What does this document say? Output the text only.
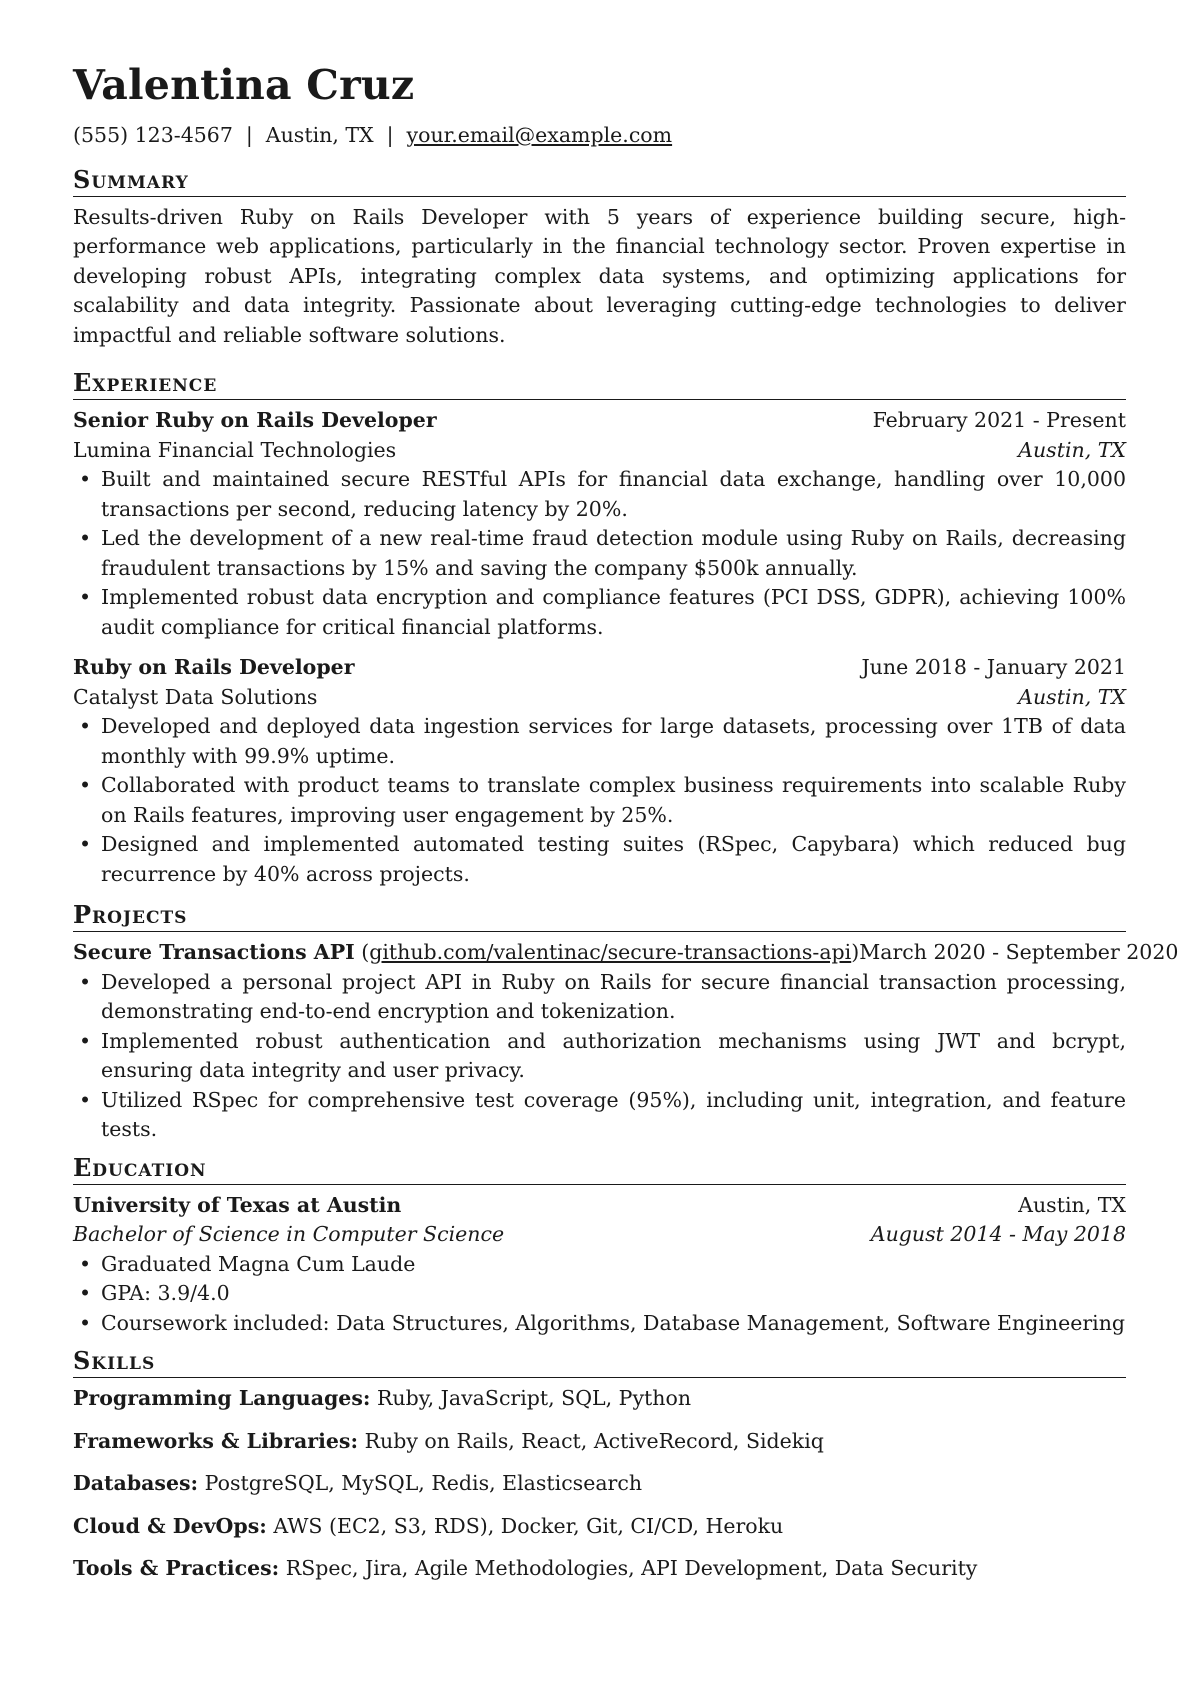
Valentina Cruz
(555) 123-4567 | Austin, TX | your.email@example.com
Summary
Results-driven Ruby on Rails Developer with 5 years of experience building secure, high-performance web applications, particularly in the financial technology sector. Proven expertise in developing robust APIs, integrating complex data systems, and optimizing applications for scalability and data integrity. Passionate about leveraging cutting-edge technologies to deliver impactful and reliable software solutions.
Experience
Senior Ruby on Rails Developer	February 2021 - Present
Lumina Financial Technologies	Austin, TX
• Built and maintained secure RESTful APIs for financial data exchange, handling over 10,000 transactions per second, reducing latency by 20%.
• Led the development of a new real-time fraud detection module using Ruby on Rails, decreasing fraudulent transactions by 15% and saving the company $500k annually.
• Implemented robust data encryption and compliance features (PCI DSS, GDPR), achieving 100% audit compliance for critical financial platforms.
Ruby on Rails Developer	June 2018 - January 2021
Catalyst Data Solutions	Austin, TX
• Developed and deployed data ingestion services for large datasets, processing over 1TB of data monthly with 99.9% uptime.
• Collaborated with product teams to translate complex business requirements into scalable Ruby on Rails features, improving user engagement by 25%.
• Designed and implemented automated testing suites (RSpec, Capybara) which reduced bug recurrence by 40% across projects.
Projects
Secure Transactions API (github.com/valentinac/secure-transactions-api) March 2020 - September 2020
• Developed a personal project API in Ruby on Rails for secure financial transaction processing, demonstrating end-to-end encryption and tokenization.
• Implemented robust authentication and authorization mechanisms using JWT and bcrypt, ensuring data integrity and user privacy.
• Utilized RSpec for comprehensive test coverage (95%), including unit, integration, and feature tests.
Education
University of Texas at Austin	Austin, TX
Bachelor of Science in Computer Science	August 2014 - May 2018
• Graduated Magna Cum Laude
• GPA: 3.9/4.0
• Coursework included: Data Structures, Algorithms, Database Management, Software Engineering
Skills
Programming Languages: Ruby, JavaScript, SQL, Python
Frameworks & Libraries: Ruby on Rails, React, ActiveRecord, Sidekiq
Databases: PostgreSQL, MySQL, Redis, Elasticsearch
Cloud & DevOps: AWS (EC2, S3, RDS), Docker, Git, CI/CD, Heroku
Tools & Practices: RSpec, Jira, Agile Methodologies, API Development, Data Security
